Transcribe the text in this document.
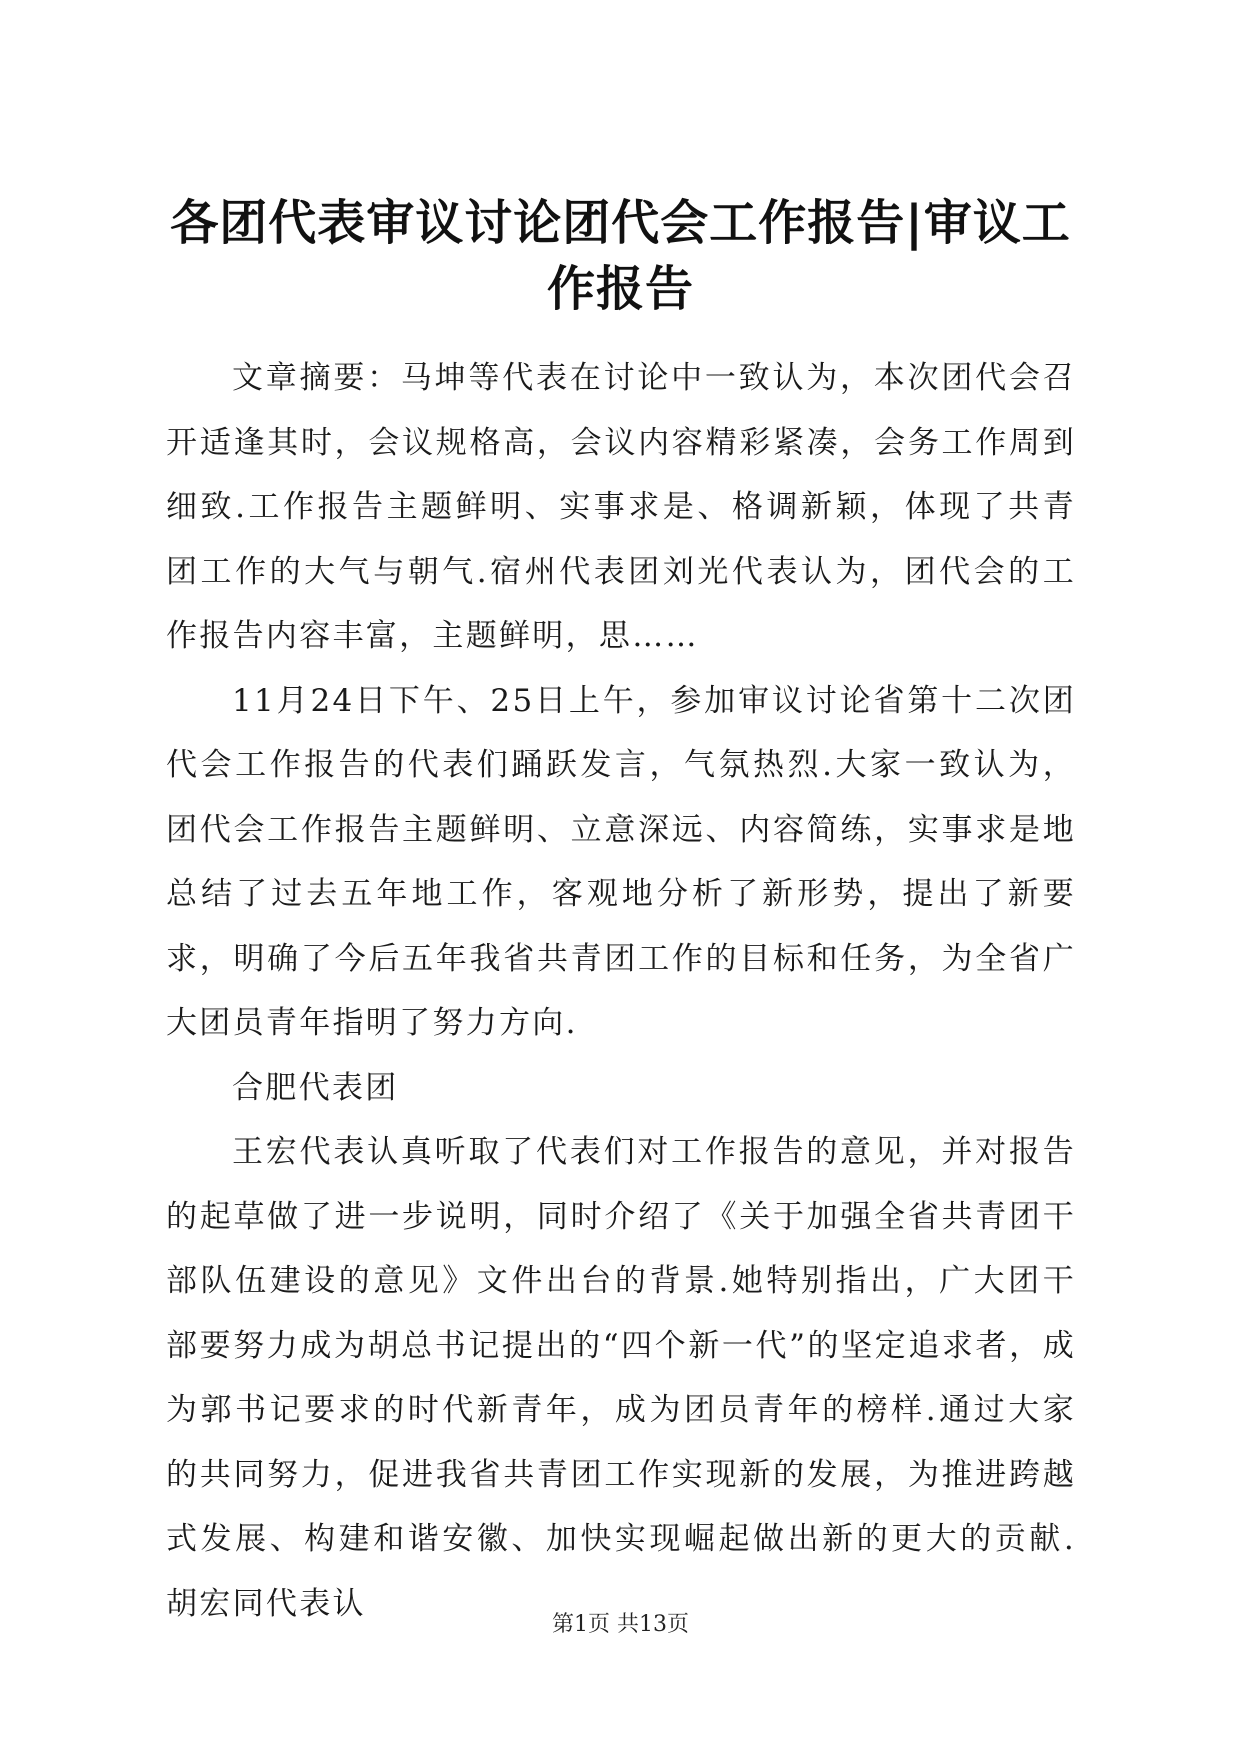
各团代表审议讨论团代会工作报告|审议工作报告

文章摘要：马坤等代表在讨论中一致认为，本次团代会召开适逢其时，会议规格高，会议内容精彩紧凑，会务工作周到细致.工作报告主题鲜明、实事求是、格调新颖，体现了共青团工作的大气与朝气.宿州代表团刘光代表认为，团代会的工作报告内容丰富，主题鲜明，思……

11月24日下午、25日上午，参加审议讨论省第十二次团代会工作报告的代表们踊跃发言，气氛热烈.大家一致认为，团代会工作报告主题鲜明、立意深远、内容简练，实事求是地总结了过去五年地工作，客观地分析了新形势，提出了新要求，明确了今后五年我省共青团工作的目标和任务，为全省广大团员青年指明了努力方向.

合肥代表团

王宏代表认真听取了代表们对工作报告的意见，并对报告的起草做了进一步说明，同时介绍了《关于加强全省共青团干部队伍建设的意见》文件出台的背景.她特别指出，广大团干部要努力成为胡总书记提出的“四个新一代”的坚定追求者，成为郭书记要求的时代新青年，成为团员青年的榜样.通过大家的共同努力，促进我省共青团工作实现新的发展，为推进跨越式发展、构建和谐安徽、加快实现崛起做出新的更大的贡献.胡宏同代表认

第1页 共13页
